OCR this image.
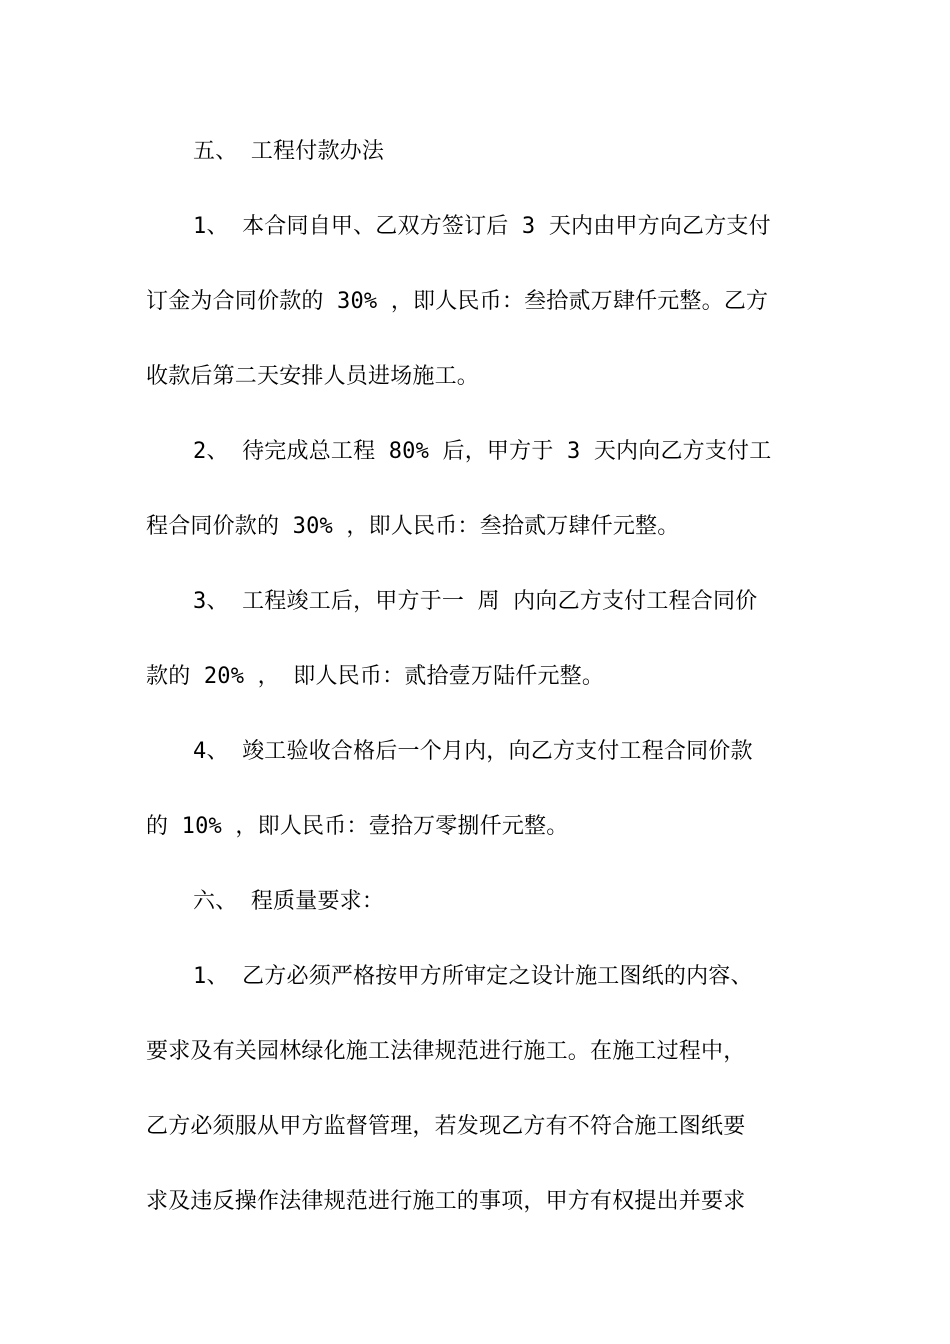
五、 工程付款办法
1、 本合同自甲、乙双方签订后 3 天内由甲方向乙方支付
订金为合同价款的 30% ，即人民币：叁拾贰万肆仟元整。乙方
收款后第二天安排人员进场施工。
2、 待完成总工程 80% 后，甲方于 3 天内向乙方支付工
程合同价款的 30% ，即人民币：叁拾贰万肆仟元整。
3、 工程竣工后，甲方于一 周 内向乙方支付工程合同价
款的 20% ， 即人民币：贰拾壹万陆仟元整。
4、 竣工验收合格后一个月内，向乙方支付工程合同价款
的 10% ，即人民币：壹拾万零捌仟元整。
六、 程质量要求：
1、 乙方必须严格按甲方所审定之设计施工图纸的内容、
要求及有关园林绿化施工法律规范进行施工。在施工过程中，
乙方必须服从甲方监督管理，若发现乙方有不符合施工图纸要
求及违反操作法律规范进行施工的事项，甲方有权提出并要求
